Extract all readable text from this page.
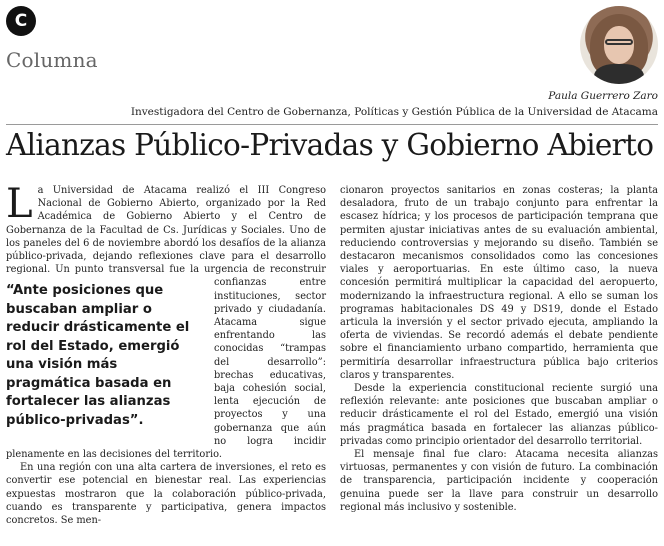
C
Columna
Paula Guerrero Zaro
Investigadora del Centro de Gobernanza, Políticas y Gestión Pública de la Universidad de Atacama
Alianzas Público-Privadas y Gobierno Abierto

La Universidad de Atacama realizó el III Congreso Nacional de Gobierno Abierto, organizado por la Red Académica de Gobierno Abierto y el Centro de Gobernanza de la Facultad de Cs. Jurídicas y Sociales. Uno de los paneles del 6 de noviembre abordó los desafíos de la alianza público-privada, dejando reflexiones clave para el desarrollo regional. Un punto transversal
“Ante posiciones que buscaban ampliar o reducir drásticamente el rol del Estado, emergió una visión más pragmática basada en fortalecer las alianzas público-privadas”.
fue la urgencia de reconstruir confianzas entre instituciones, sector privado y ciudadanía. Atacama sigue enfrentando las conocidas “trampas del desarrollo”: brechas educativas, baja cohesión social, lenta ejecución de proyectos y una gobernanza que aún no logra incidir plenamente en las decisiones del territorio.

En una región con una alta cartera de inversiones, el reto es convertir ese potencial en bienestar real. Las experiencias expuestas mostraron que la colaboración público-privada, cuando es transparente y participativa, genera impactos concretos. Se men-

cionaron proyectos sanitarios en zonas costeras; la planta desaladora, fruto de un trabajo conjunto para enfrentar la escasez hídrica; y los procesos de participación temprana que permiten ajustar iniciativas antes de su evaluación ambiental, reduciendo controversias y mejorando su diseño. También se destacaron mecanismos consolidados como las concesiones viales y aeroportuarias. En este último caso, la nueva concesión permitirá multiplicar la capacidad del aeropuerto, modernizando la infraestructura regional. A ello se suman los programas habitacionales DS 49 y DS19, donde el Estado articula la inversión y el sector privado ejecuta, ampliando la oferta de viviendas. Se recordó además el debate pendiente sobre el financiamiento urbano compartido, herramienta que permitiría desarrollar infraestructura pública bajo criterios claros y transparentes.

Desde la experiencia constitucional reciente surgió una reflexión relevante: ante posiciones que buscaban ampliar o reducir drásticamente el rol del Estado, emergió una visión más pragmática basada en fortalecer las alianzas público-privadas como principio orientador del desarrollo territorial.

El mensaje final fue claro: Atacama necesita alianzas virtuosas, permanentes y con visión de futuro. La combinación de transparencia, participación incidente y cooperación genuina puede ser la llave para construir un desarrollo regional más inclusivo y sostenible.
